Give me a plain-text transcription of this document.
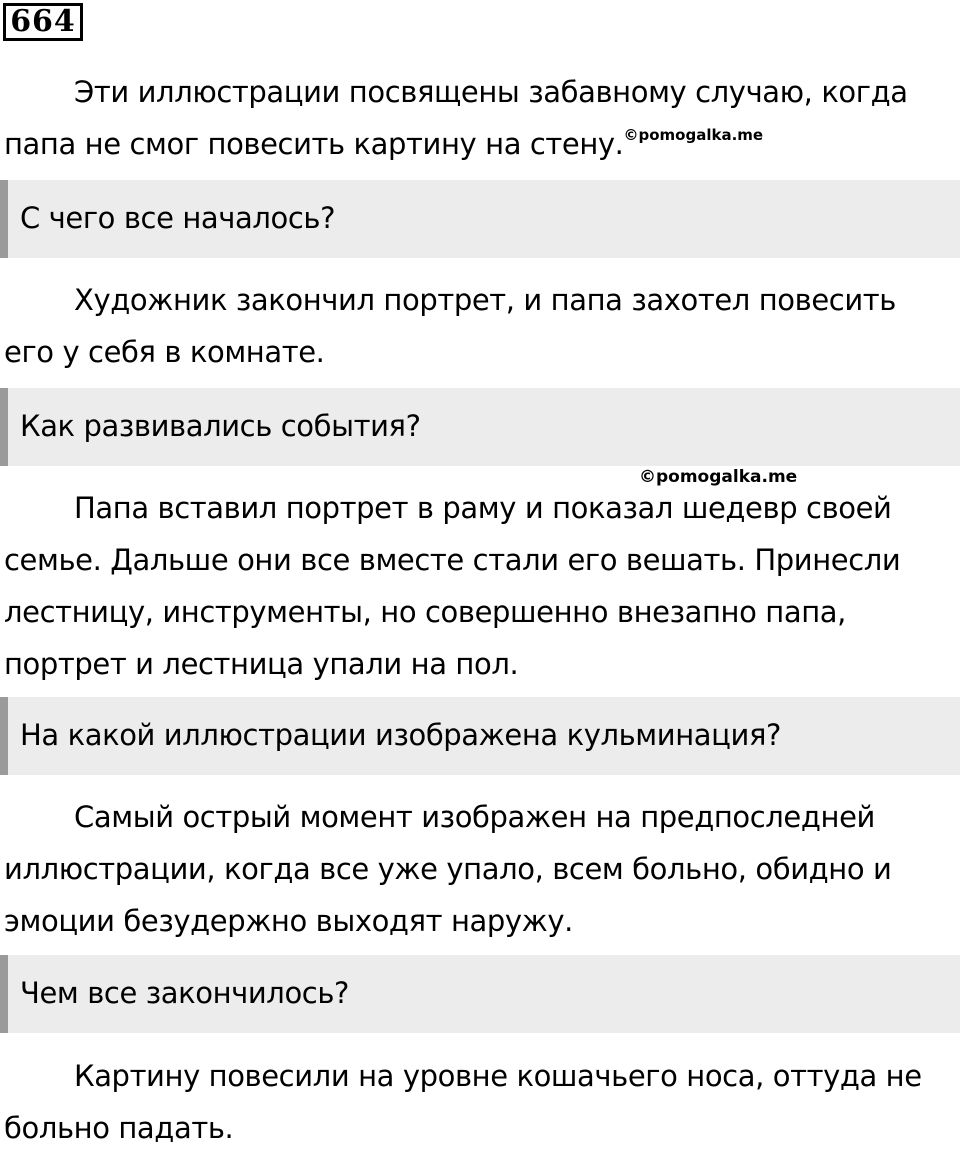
664

Эти иллюстрации посвящены забавному случаю, когда папа не смог повесить картину на стену.$^{©pomogalka.me}$

С чего все началось?

Художник закончил портрет, и папа захотел повесить его у себя в комнате.

Как развивались события?
©pomogalka.me

Папа вставил портрет в раму и показал шедевр своей семье. Дальше они все вместе стали его вешать. Принесли лестницу, инструменты, но совершенно внезапно папа, портрет и лестница упали на пол.

На какой иллюстрации изображена кульминация?

Самый острый момент изображен на предпоследней иллюстрации, когда все уже упало, всем больно, обидно и эмоции безудержно выходят наружу.

Чем все закончилось?

Картину повесили на уровне кошачьего носа, оттуда не больно падать.
